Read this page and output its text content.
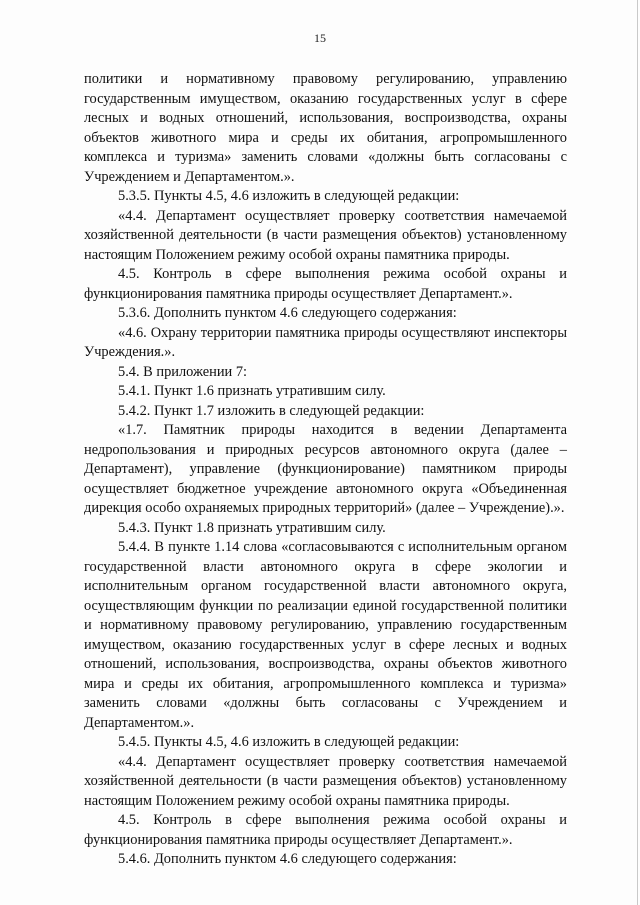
15

политики и нормативному правовому регулированию, управлению государственным имуществом, оказанию государственных услуг в сфере лесных и водных отношений, использования, воспроизводства, охраны объектов животного мира и среды их обитания, агропромышленного комплекса и туризма» заменить словами «должны быть согласованы с Учреждением и Департаментом.».

5.3.5. Пункты 4.5, 4.6 изложить в следующей редакции:

«4.4. Департамент осуществляет проверку соответствия намечаемой хозяйственной деятельности (в части размещения объектов) установленному настоящим Положением режиму особой охраны памятника природы.

4.5. Контроль в сфере выполнения режима особой охраны и функционирования памятника природы осуществляет Департамент.».

5.3.6. Дополнить пунктом 4.6 следующего содержания:

«4.6. Охрану территории памятника природы осуществляют инспекторы Учреждения.».

5.4. В приложении 7:

5.4.1. Пункт 1.6 признать утратившим силу.

5.4.2. Пункт 1.7 изложить в следующей редакции:

«1.7. Памятник природы находится в ведении Департамента недропользования и природных ресурсов автономного округа (далее – Департамент), управление (функционирование) памятником природы осуществляет бюджетное учреждение автономного округа «Объединенная дирекция особо охраняемых природных территорий» (далее – Учреждение).».

5.4.3. Пункт 1.8 признать утратившим силу.

5.4.4. В пункте 1.14 слова «согласовываются с исполнительным органом государственной власти автономного округа в сфере экологии и исполнительным органом государственной власти автономного округа, осуществляющим функции по реализации единой государственной политики и нормативному правовому регулированию, управлению государственным имуществом, оказанию государственных услуг в сфере лесных и водных отношений, использования, воспроизводства, охраны объектов животного мира и среды их обитания, агропромышленного комплекса и туризма» заменить словами «должны быть согласованы с Учреждением и Департаментом.».

5.4.5. Пункты 4.5, 4.6 изложить в следующей редакции:

«4.4. Департамент осуществляет проверку соответствия намечаемой хозяйственной деятельности (в части размещения объектов) установленному настоящим Положением режиму особой охраны памятника природы.

4.5. Контроль в сфере выполнения режима особой охраны и функционирования памятника природы осуществляет Департамент.».

5.4.6. Дополнить пунктом 4.6 следующего содержания:
